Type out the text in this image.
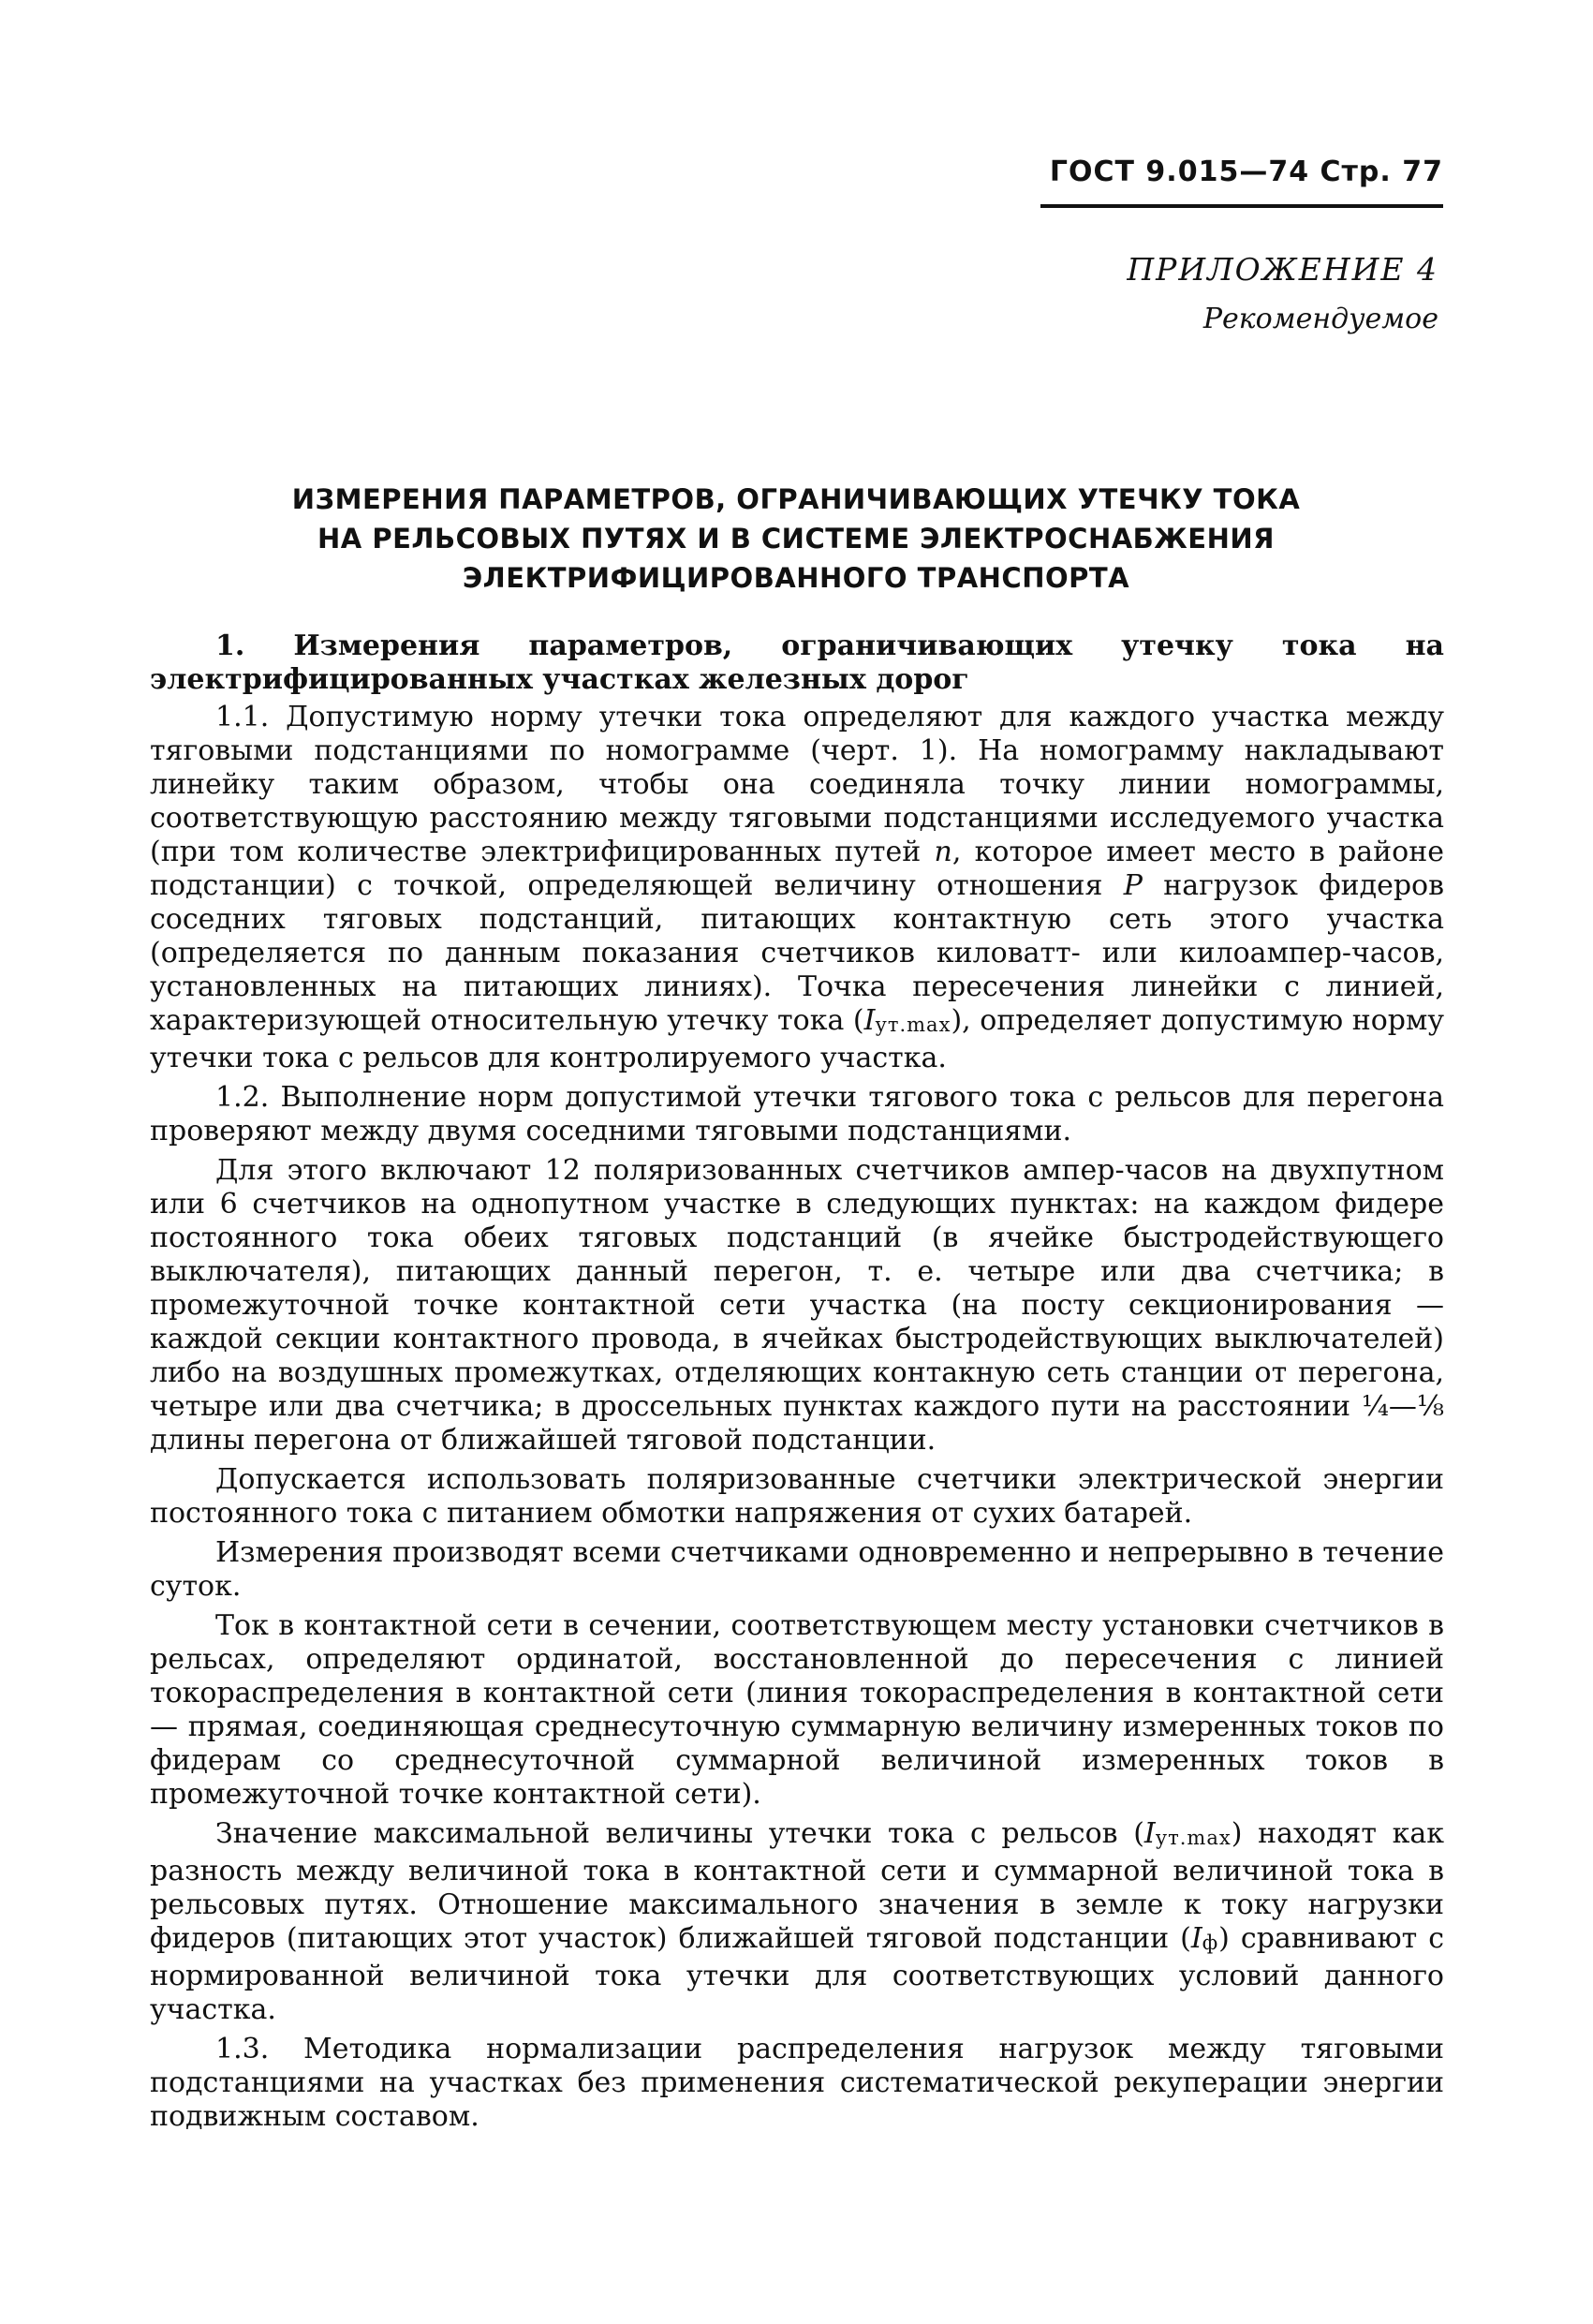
ГОСТ 9.015—74 Стр. 77
ПРИЛОЖЕНИЕ 4
Рекомендуемое
ИЗМЕРЕНИЯ ПАРАМЕТРОВ, ОГРАНИЧИВАЮЩИХ УТЕЧКУ ТОКА
НА РЕЛЬСОВЫХ ПУТЯХ И В СИСТЕМЕ ЭЛЕКТРОСНАБЖЕНИЯ
ЭЛЕКТРИФИЦИРОВАННОГО ТРАНСПОРТА

1. Измерения параметров, ограничивающих утечку тока на электрифицированных участках железных дорог

1.1. Допустимую норму утечки тока определяют для каждого участка между тяговыми подстанциями по номограмме (черт. 1). На номограмму накладывают линейку таким образом, чтобы она соединяла точку линии номограммы, соответствующую расстоянию между тяговыми подстанциями исследуемого участка (при том количестве электрифицированных путей n, которое имеет место в районе подстанции) с точкой, определяющей величину отношения P нагрузок фидеров соседних тяговых подстанций, питающих контактную сеть этого участка (определяется по данным показания счетчиков киловатт- или килоампер-часов, установленных на питающих линиях). Точка пересечения линейки с линией, характеризующей относительную утечку тока (Iут.max), определяет допустимую норму утечки тока с рельсов для контролируемого участка.

1.2. Выполнение норм допустимой утечки тягового тока с рельсов для перегона проверяют между двумя соседними тяговыми подстанциями.

Для этого включают 12 поляризованных счетчиков ампер-часов на двухпутном или 6 счетчиков на однопутном участке в следующих пунктах: на каждом фидере постоянного тока обеих тяговых подстанций (в ячейке быстродействующего выключателя), питающих данный перегон, т. е. четыре или два счетчика; в промежуточной точке контактной сети участка (на посту секционирования — каждой секции контактного провода, в ячейках быстродействующих выключателей) либо на воздушных промежутках, отделяющих контакную сеть станции от перегона, четыре или два счетчика; в дроссельных пунктах каждого пути на расстоянии ¼—⅛ длины перегона от ближайшей тяговой подстанции.

Допускается использовать поляризованные счетчики электрической энергии постоянного тока с питанием обмотки напряжения от сухих батарей.

Измерения производят всеми счетчиками одновременно и непрерывно в течение суток.

Ток в контактной сети в сечении, соответствующем месту установки счетчиков в рельсах, определяют ординатой, восстановленной до пересечения с линией токораспределения в контактной сети (линия токораспределения в контактной сети — прямая, соединяющая среднесуточную суммарную величину измеренных токов по фидерам со среднесуточной суммарной величиной измеренных токов в промежуточной точке контактной сети).

Значение максимальной величины утечки тока с рельсов (Iут.max) находят как разность между величиной тока в контактной сети и суммарной величиной тока в рельсовых путях. Отношение максимального значения в земле к току нагрузки фидеров (питающих этот участок) ближайшей тяговой подстанции (Iф) сравнивают с нормированной величиной тока утечки для соответствующих условий данного участка.

1.3. Методика нормализации распределения нагрузок между тяговыми подстанциями на участках без применения систематической рекуперации энергии подвижным составом.
